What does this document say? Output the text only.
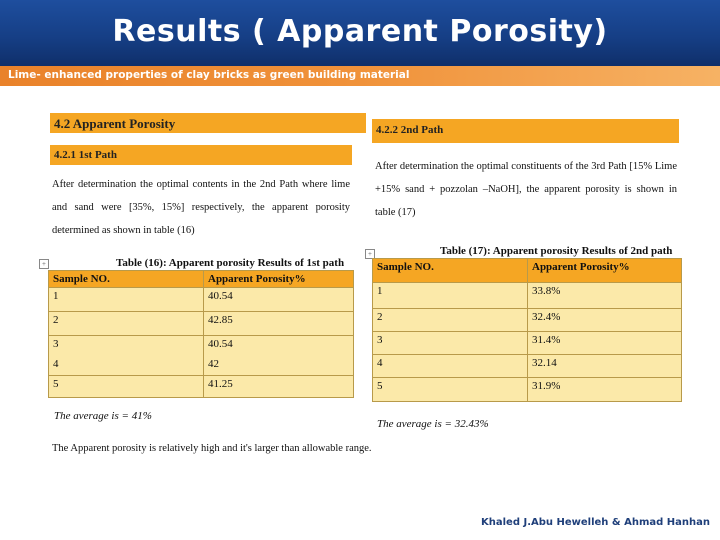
Results ( Apparent Porosity)
Lime- enhanced properties of clay bricks as green building material
4.2 Apparent Porosity
4.2.1 1st Path
After determination the optimal contents in the 2nd Path where lime and sand were [35%, 15%] respectively, the apparent porosity determined as shown in table (16)
+	Table (16): Apparent porosity Results of 1st path
Sample NO.	Apparent Porosity%
1	40.54
2	42.85
3	40.54
4	42
5	41.25
The average is = 41%
The Apparent porosity is relatively high and it's larger than allowable range.
4.2.2 2nd Path
After determination the optimal constituents of the 3rd Path [15% Lime +15% sand + pozzolan –NaOH], the apparent porosity is shown in table (17)
+	Table (17): Apparent porosity Results of 2nd path
Sample NO.	Apparent Porosity%
1	33.8%
2	32.4%
3	31.4%
4	32.14
5	31.9%
The average is = 32.43%
Khaled J.Abu Hewelleh & Ahmad Hanhan
